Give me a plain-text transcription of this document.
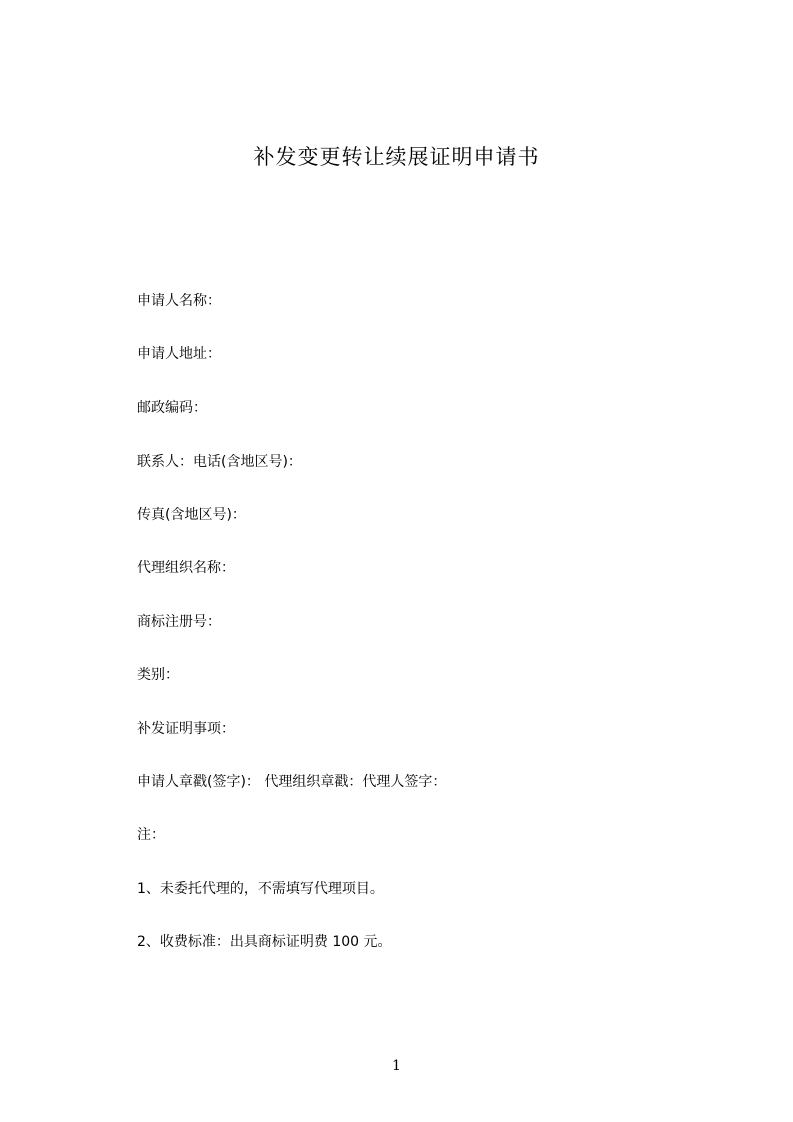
补发变更转让续展证明申请书
申请人名称：
申请人地址：
邮政编码：
联系人：电话(含地区号)：
传真(含地区号)：
代理组织名称：
商标注册号：
类别：
补发证明事项：
申请人章戳(签字)： 代理组织章戳：代理人签字：
注：
1、未委托代理的，不需填写代理项目。
2、收费标准：出具商标证明费 100 元。
1
